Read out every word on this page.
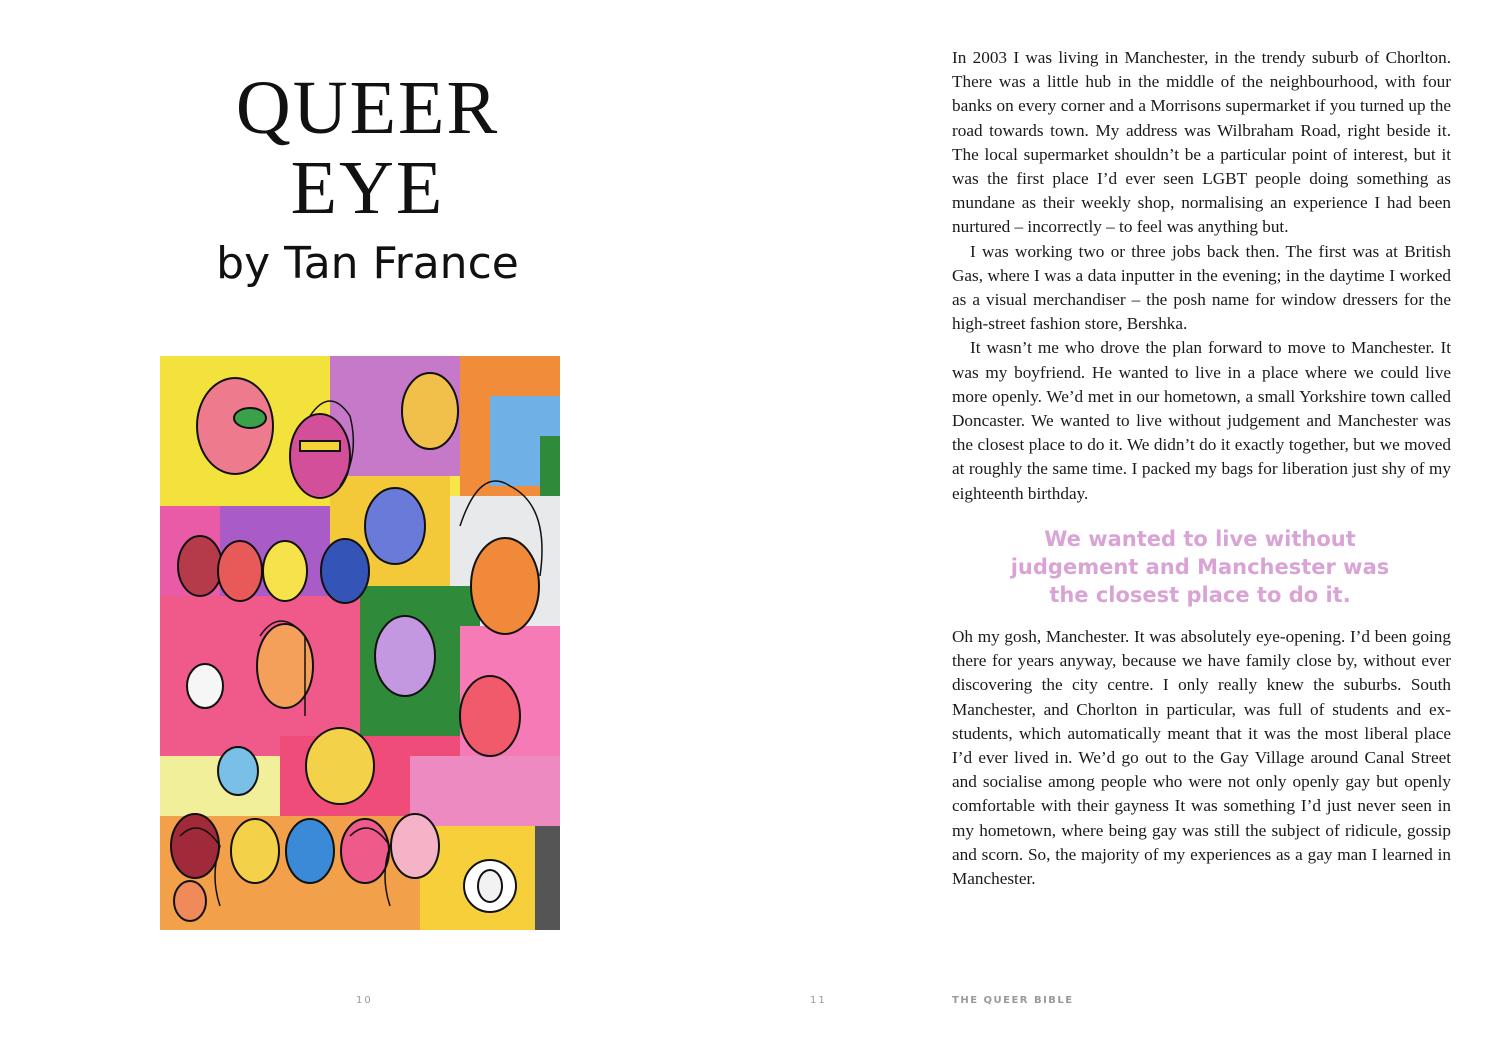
QUEER
EYE
by Tan France
10	11	THE QUEER BIBLE

In 2003 I was living in Manchester, in the trendy suburb of Chorlton. There was a little hub in the middle of the neighbourhood, with four banks on every corner and a Morrisons supermarket if you turned up the road towards town. My address was Wilbraham Road, right beside it. The local supermarket shouldn’t be a particular point of interest, but it was the first place I’d ever seen LGBT people doing something as mundane as their weekly shop, normalising an experience I had been nurtured – incorrectly – to feel was anything but.

I was working two or three jobs back then. The first was at British Gas, where I was a data inputter in the evening; in the daytime I worked as a visual merchandiser – the posh name for window dressers for the high-street fashion store, Bershka.

It wasn’t me who drove the plan forward to move to Manchester. It was my boyfriend. He wanted to live in a place where we could live more openly. We’d met in our hometown, a small Yorkshire town called Doncaster. We wanted to live without judgement and Manchester was the closest place to do it. We didn’t do it exactly together, but we moved at roughly the same time. I packed my bags for liberation just shy of my eighteenth birthday.

We wanted to live without
judgement and Manchester was
the closest place to do it.

Oh my gosh, Manchester. It was absolutely eye-opening. I’d been going there for years anyway, because we have family close by, without ever discovering the city centre. I only really knew the suburbs. South Manchester, and Chorlton in particular, was full of students and ex-students, which automatically meant that it was the most liberal place I’d ever lived in. We’d go out to the Gay Village around Canal Street and socialise among people who were not only openly gay but openly comfortable with their gayness It was something I’d just never seen in my hometown, where being gay was still the subject of ridicule, gossip and scorn. So, the majority of my experiences as a gay man I learned in Manchester.
